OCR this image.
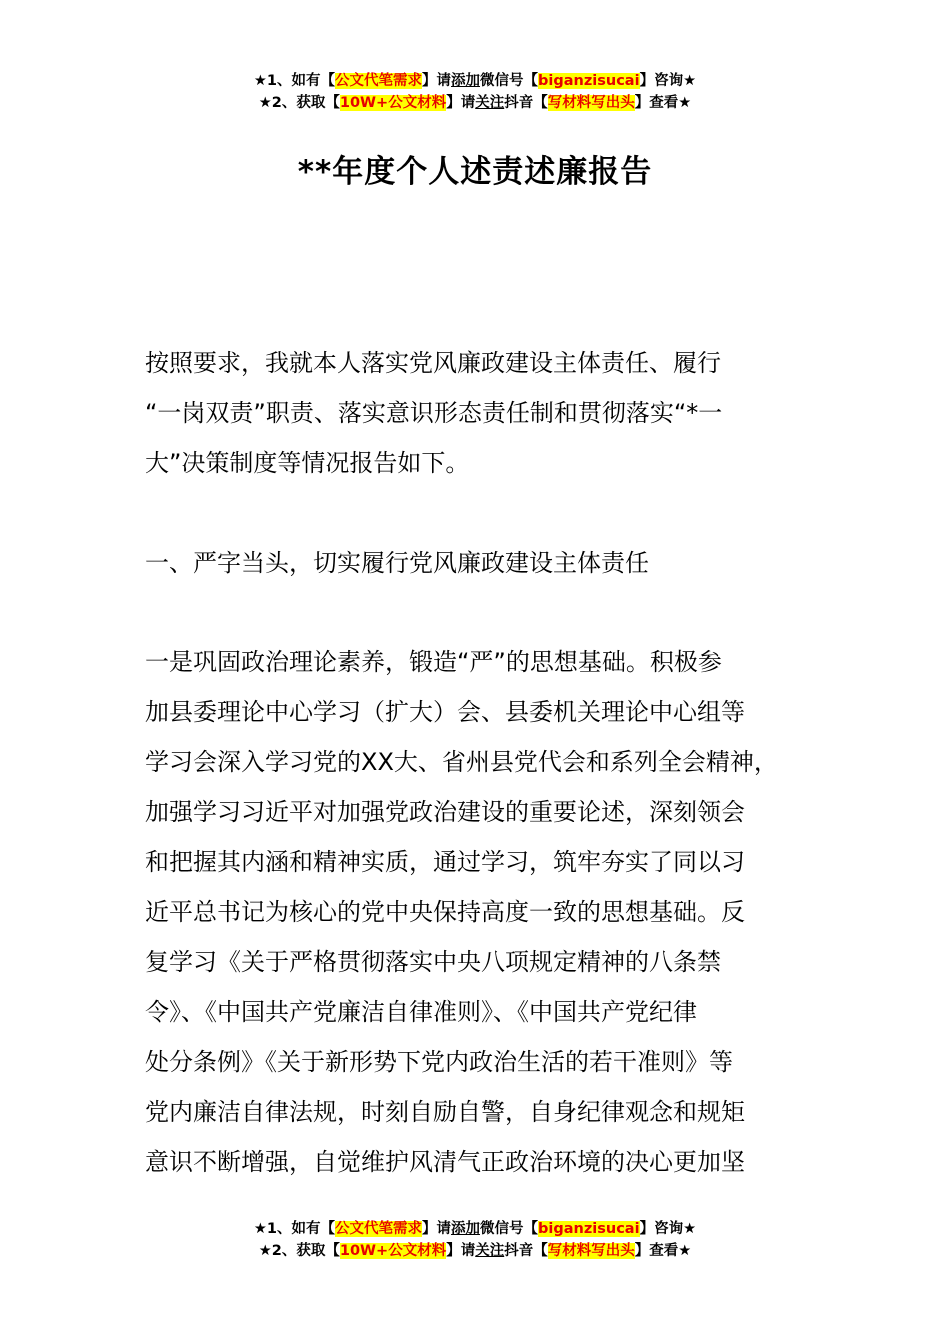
★1、如有【公文代笔需求】请添加微信号【biganzisucai】咨询★
★2、获取【10W+公文材料】请关注抖音【写材料写出头】查看★
**年度个人述责述廉报告
按照要求，我就本人落实党风廉政建设主体责任、履行
“一岗双责”职责、落实意识形态责任制和贯彻落实“*一
大”决策制度等情况报告如下。
一、严字当头，切实履行党风廉政建设主体责任
一是巩固政治理论素养，锻造“严”的思想基础。积极参
加县委理论中心学习（扩大）会、县委机关理论中心组等
学习会深入学习党的XX大、省州县党代会和系列全会精神，
加强学习习近平对加强党政治建设的重要论述，深刻领会
和把握其内涵和精神实质，通过学习，筑牢夯实了同以习
近平总书记为核心的党中央保持高度一致的思想基础。反
复学习《关于严格贯彻落实中央八项规定精神的八条禁
令》、《中国共产党廉洁自律准则》、《中国共产党纪律
处分条例》《关于新形势下党内政治生活的若干准则》等
党内廉洁自律法规，时刻自励自警，自身纪律观念和规矩
意识不断增强，自觉维护风清气正政治环境的决心更加坚
★1、如有【公文代笔需求】请添加微信号【biganzisucai】咨询★
★2、获取【10W+公文材料】请关注抖音【写材料写出头】查看★
